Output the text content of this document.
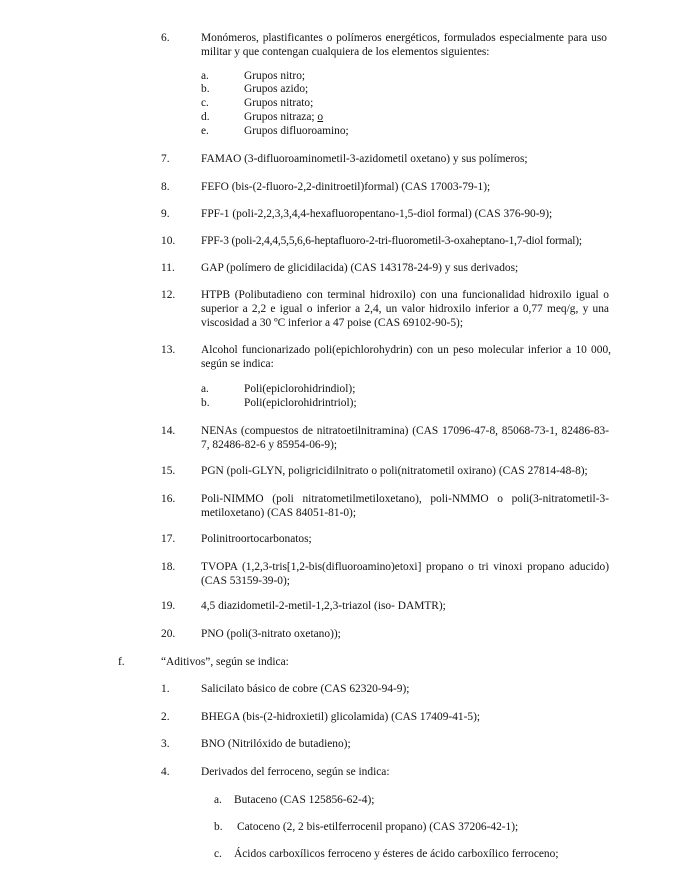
6.	Monómeros, plastificantes o polímeros energéticos, formulados especialmente para uso militar y que contengan cualquiera de los elementos siguientes:
a.	Grupos nitro;
b.	Grupos azido;
c.	Grupos nitrato;
d.	Grupos nitraza; o
e.	Grupos difluoroamino;
7.	FAMAO (3-difluoroaminometil-3-azidometil oxetano) y sus polímeros;
8.	FEFO (bis-(2-fluoro-2,2-dinitroetil)formal) (CAS 17003-79-1);
9.	FPF-1 (poli-2,2,3,3,4,4-hexafluoropentano-1,5-diol formal) (CAS 376-90-9);
10. FPF-3 (poli-2,4,4,5,5,6,6-heptafluoro-2-tri-fluorometil-3-oxaheptano-1,7-diol formal);
11. GAP (polímero de glicidilacida) (CAS 143178-24-9) y sus derivados;
12. HTPB (Polibutadieno con terminal hidroxilo) con una funcionalidad hidroxilo igual o superior a 2,2 e igual o inferior a 2,4, un valor hidroxilo inferior a 0,77 meq/g, y una viscosidad a 30 ºC inferior a 47 poise (CAS 69102-90-5);
13. Alcohol funcionarizado poli(epichlorohydrin) con un peso molecular inferior a 10 000, según se indica:
a.	Poli(epiclorohidrindiol);
b.	Poli(epiclorohidrintriol);
14. NENAs (compuestos de nitratoetilnitramina) (CAS 17096-47-8, 85068-73-1, 82486-83-7, 82486-82-6 y 85954-06-9);
15. PGN (poli-GLYN, poligricidilnitrato o poli(nitratometil oxirano) (CAS 27814-48-8);
16. Poli-NIMMO (poli nitratometilmetiloxetano), poli-NMMO o poli(3-nitratometil-3-metiloxetano) (CAS 84051-81-0);
17. Polinitroortocarbonatos;
18. TVOPA (1,2,3-tris[1,2-bis(difluoroamino)etoxi] propano o tri vinoxi propano aducido) (CAS 53159-39-0);
19. 4,5 diazidometil-2-metil-1,2,3-triazol (iso- DAMTR);
20. PNO (poli(3-nitrato oxetano));
f.	“Aditivos”, según se indica:
1.	Salicilato básico de cobre (CAS 62320-94-9);
2.	BHEGA (bis-(2-hidroxietil) glicolamida) (CAS 17409-41-5);
3.	BNO (Nitrilóxido de butadieno);
4.	Derivados del ferroceno, según se indica:
a. Butaceno (CAS 125856-62-4);
b. Catoceno (2, 2 bis-etilferrocenil propano) (CAS 37206-42-1);
c. Ácidos carboxílicos ferroceno y ésteres de ácido carboxílico ferroceno;
